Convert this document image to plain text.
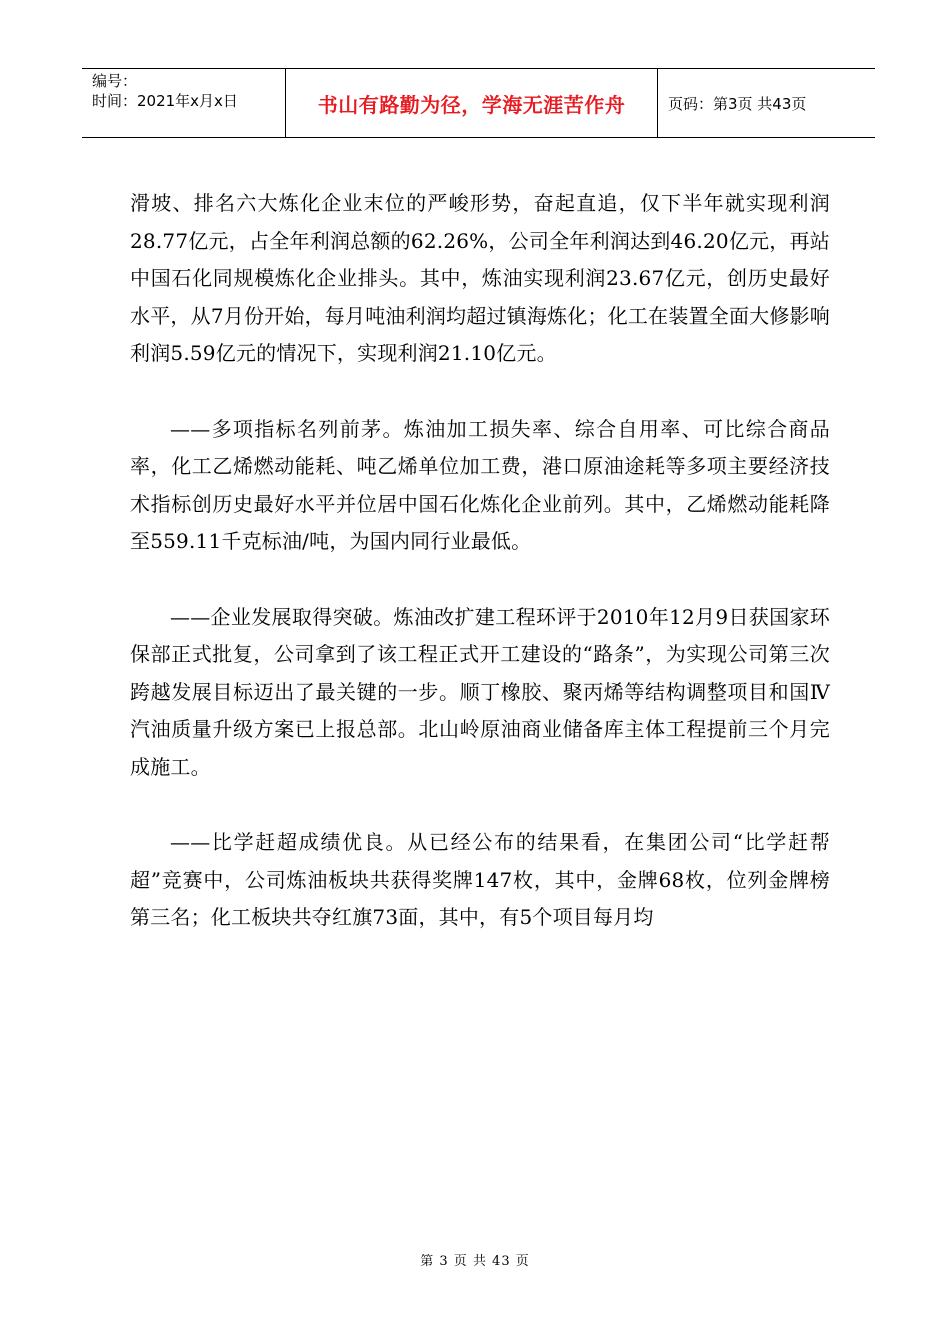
编号：
时间：2021年x月x日	书山有路勤为径，学海无涯苦作舟	页码：第3页 共43页

滑坡、排名六大炼化企业末位的严峻形势，奋起直追，仅下半年就实现利润28.77亿元，占全年利润总额的62.26%，公司全年利润达到46.20亿元，再站中国石化同规模炼化企业排头。其中，炼油实现利润23.67亿元，创历史最好水平，从7月份开始，每月吨油利润均超过镇海炼化；化工在装置全面大修影响利润5.59亿元的情况下，实现利润21.10亿元。

——多项指标名列前茅。炼油加工损失率、综合自用率、可比综合商品率，化工乙烯燃动能耗、吨乙烯单位加工费，港口原油途耗等多项主要经济技术指标创历史最好水平并位居中国石化炼化企业前列。其中，乙烯燃动能耗降至559.11千克标油/吨，为国内同行业最低。

——企业发展取得突破。炼油改扩建工程环评于2010年12月9日获国家环保部正式批复，公司拿到了该工程正式开工建设的“路条”，为实现公司第三次跨越发展目标迈出了最关键的一步。顺丁橡胶、聚丙烯等结构调整项目和国Ⅳ汽油质量升级方案已上报总部。北山岭原油商业储备库主体工程提前三个月完成施工。

——比学赶超成绩优良。从已经公布的结果看，在集团公司“比学赶帮超”竞赛中，公司炼油板块共获得奖牌147枚，其中，金牌68枚，位列金牌榜第三名；化工板块共夺红旗73面，其中，有5个项目每月均

第 3 页 共 43 页
